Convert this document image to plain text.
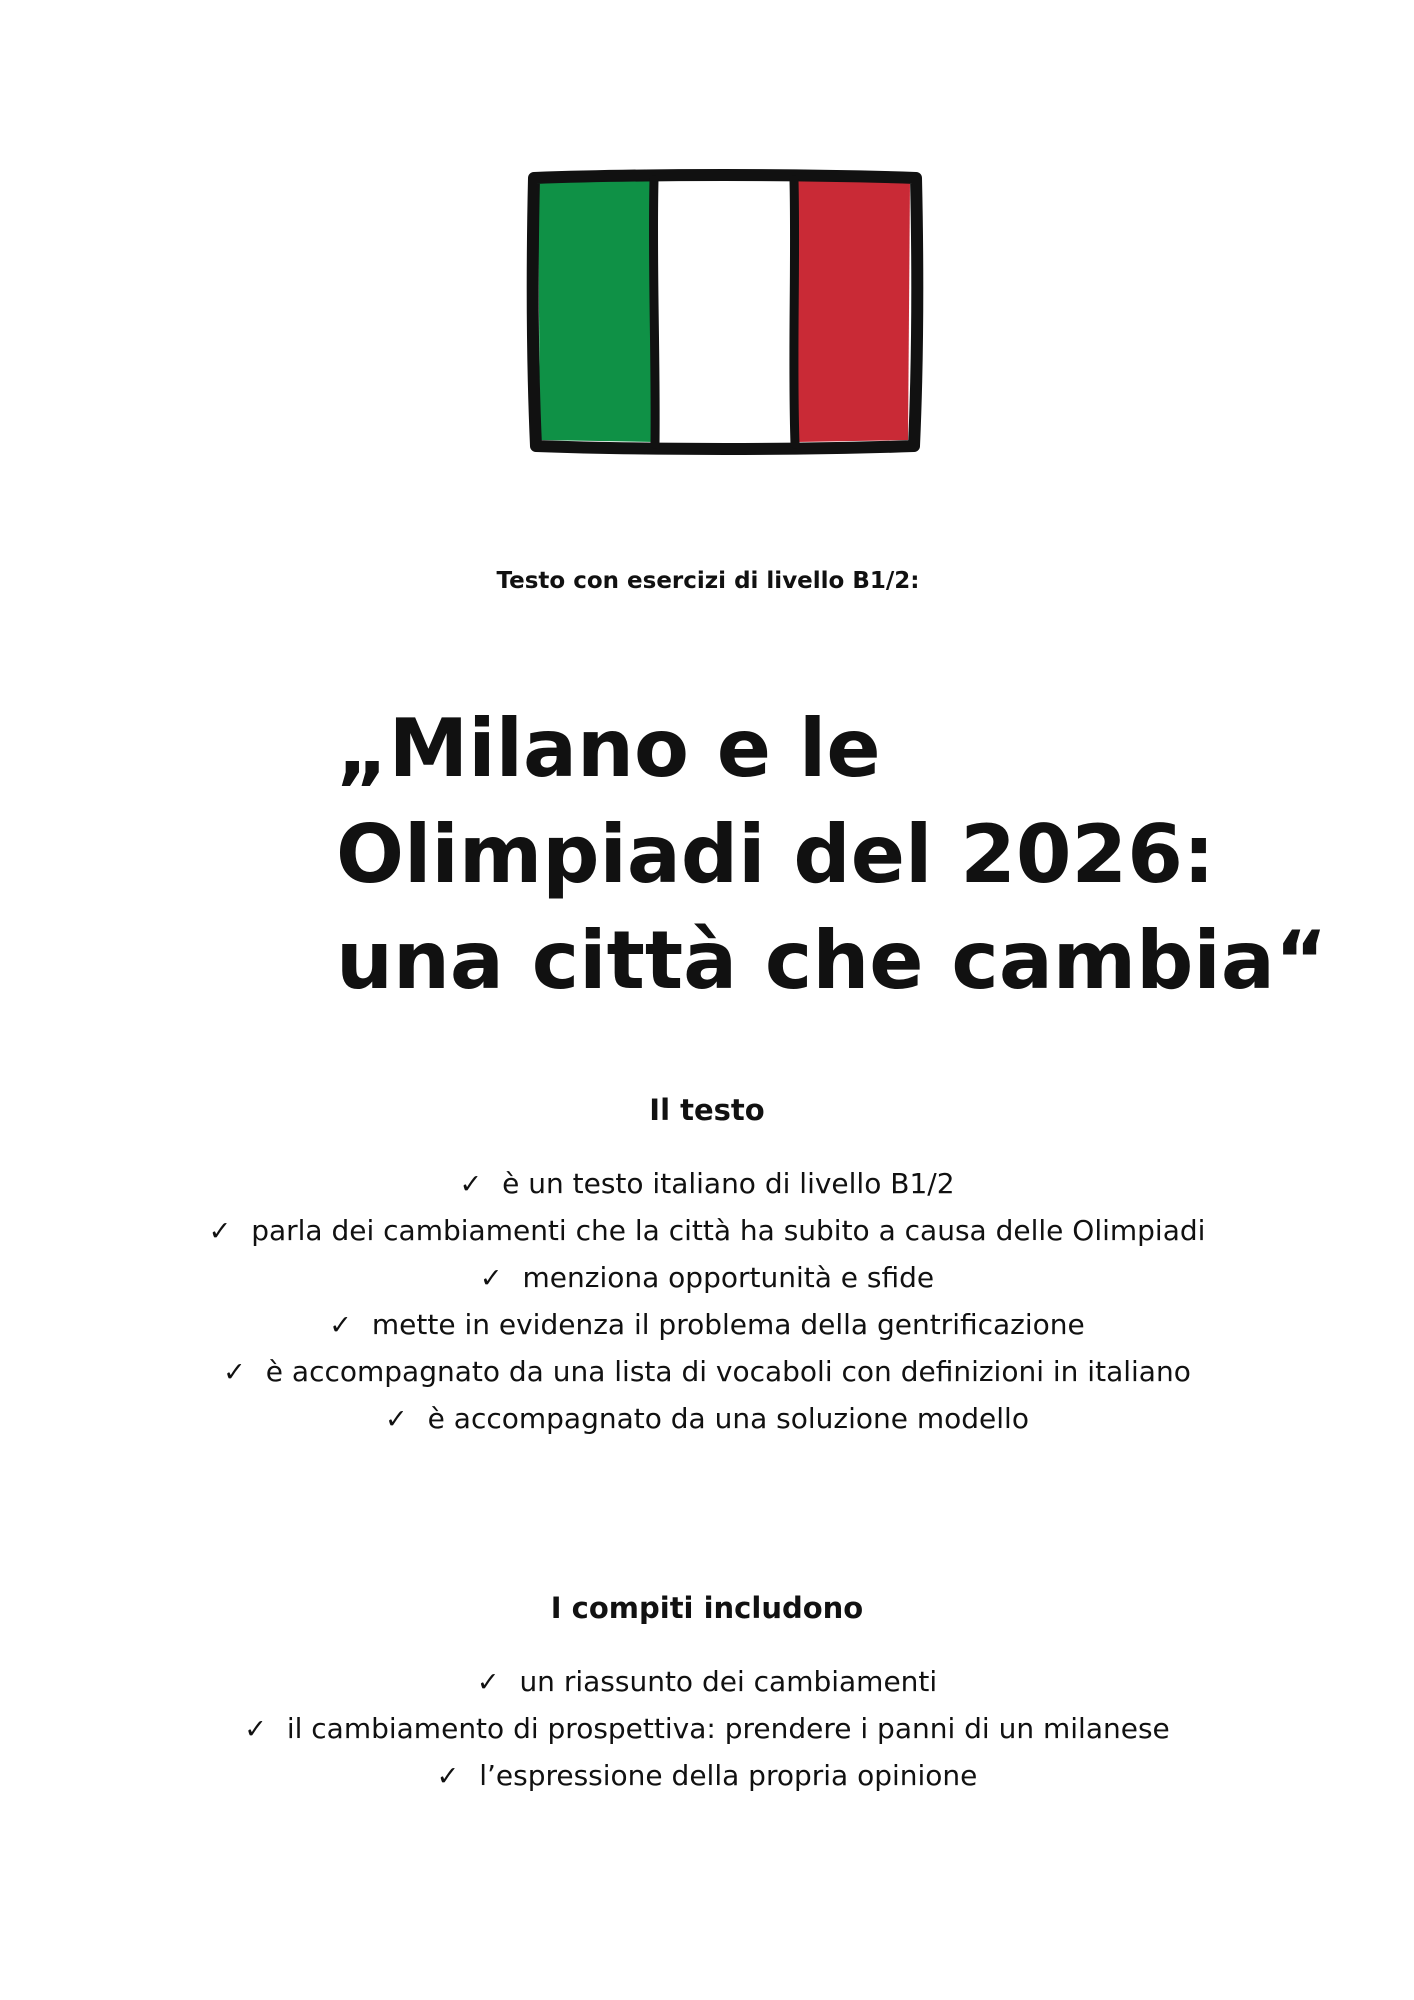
Testo con esercizi di livello B1/2:
„Milano e le Olimpiadi del 2026: una città che cambia“
Il testo
✓ è un testo italiano di livello B1/2
✓ parla dei cambiamenti che la città ha subito a causa delle Olimpiadi
✓ menziona opportunità e sfide
✓ mette in evidenza il problema della gentrificazione
✓ è accompagnato da una lista di vocaboli con definizioni in italiano
✓ è accompagnato da una soluzione modello
I compiti includono
✓ un riassunto dei cambiamenti
✓ il cambiamento di prospettiva: prendere i panni di un milanese
✓ l’espressione della propria opinione
